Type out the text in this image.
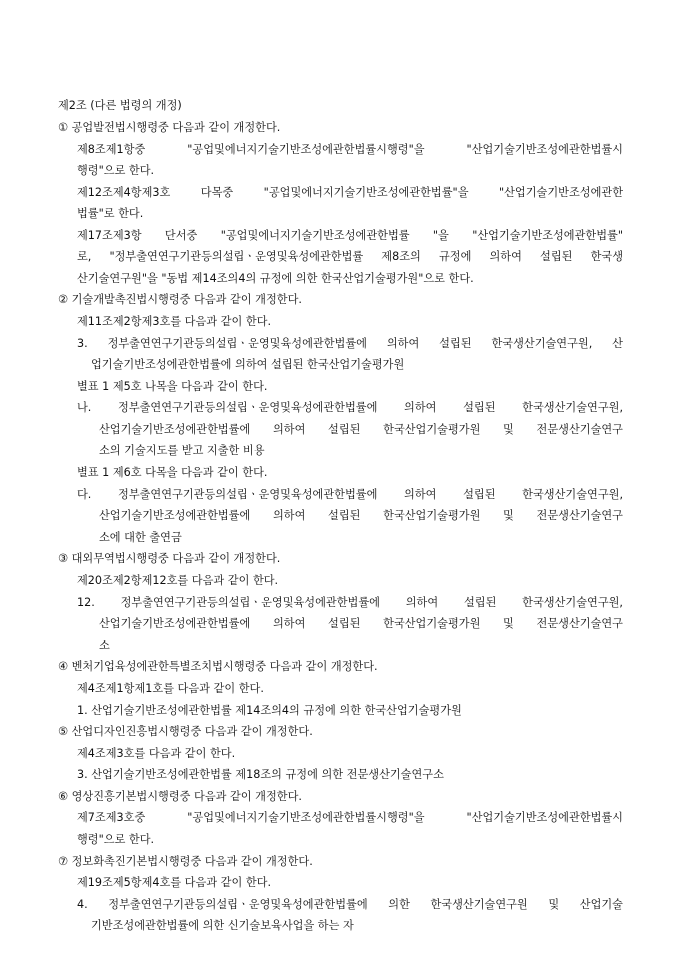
제2조 (다른 법령의 개정)
① 공업발전법시행령중 다음과 같이 개정한다.
제8조제1항중 "공업및에너지기술기반조성에관한법률시행령"을 "산업기술기반조성에관한법률시
행령"으로 한다.
제12조제4항제3호 다목중 "공업및에너지기술기반조성에관한법률"을 "산업기술기반조성에관한
법률"로 한다.
제17조제3항 단서중 "공업및에너지기술기반조성에관한법률 "을 "산업기술기반조성에관한법률"
로, "정부출연연구기관등의설립ㆍ운영및육성에관한법률 제8조의 규정에 의하여 설립된 한국생
산기술연구원"을 "동법 제14조의4의 규정에 의한 한국산업기술평가원"으로 한다.
② 기술개발촉진법시행령중 다음과 같이 개정한다.
제11조제2항제3호를 다음과 같이 한다.
3. 정부출연연구기관등의설립ㆍ운영및육성에관한법률에 의하여 설립된 한국생산기술연구원, 산
업기술기반조성에관한법률에 의하여 설립된 한국산업기술평가원
별표 1 제5호 나목을 다음과 같이 한다.
나. 정부출연연구기관등의설립ㆍ운영및육성에관한법률에 의하여 설립된 한국생산기술연구원,
산업기술기반조성에관한법률에 의하여 설립된 한국산업기술평가원 및 전문생산기술연구
소의 기술지도를 받고 지출한 비용
별표 1 제6호 다목을 다음과 같이 한다.
다. 정부출연연구기관등의설립ㆍ운영및육성에관한법률에 의하여 설립된 한국생산기술연구원,
산업기술기반조성에관한법률에 의하여 설립된 한국산업기술평가원 및 전문생산기술연구
소에 대한 출연금
③ 대외무역법시행령중 다음과 같이 개정한다.
제20조제2항제12호를 다음과 같이 한다.
12. 정부출연연구기관등의설립ㆍ운영및육성에관한법률에 의하여 설립된 한국생산기술연구원,
산업기술기반조성에관한법률에 의하여 설립된 한국산업기술평가원 및 전문생산기술연구
소
④ 벤처기업육성에관한특별조치법시행령중 다음과 같이 개정한다.
제4조제1항제1호를 다음과 같이 한다.
1. 산업기술기반조성에관한법률 제14조의4의 규정에 의한 한국산업기술평가원
⑤ 산업디자인진흥법시행령중 다음과 같이 개정한다.
제4조제3호를 다음과 같이 한다.
3. 산업기술기반조성에관한법률 제18조의 규정에 의한 전문생산기술연구소
⑥ 영상진흥기본법시행령중 다음과 같이 개정한다.
제7조제3호중 "공업및에너지기술기반조성에관한법률시행령"을 "산업기술기반조성에관한법률시
행령"으로 한다.
⑦ 정보화촉진기본법시행령중 다음과 같이 개정한다.
제19조제5항제4호를 다음과 같이 한다.
4. 정부출연연구기관등의설립ㆍ운영및육성에관한법률에 의한 한국생산기술연구원 및 산업기술
기반조성에관한법률에 의한 신기술보육사업을 하는 자
